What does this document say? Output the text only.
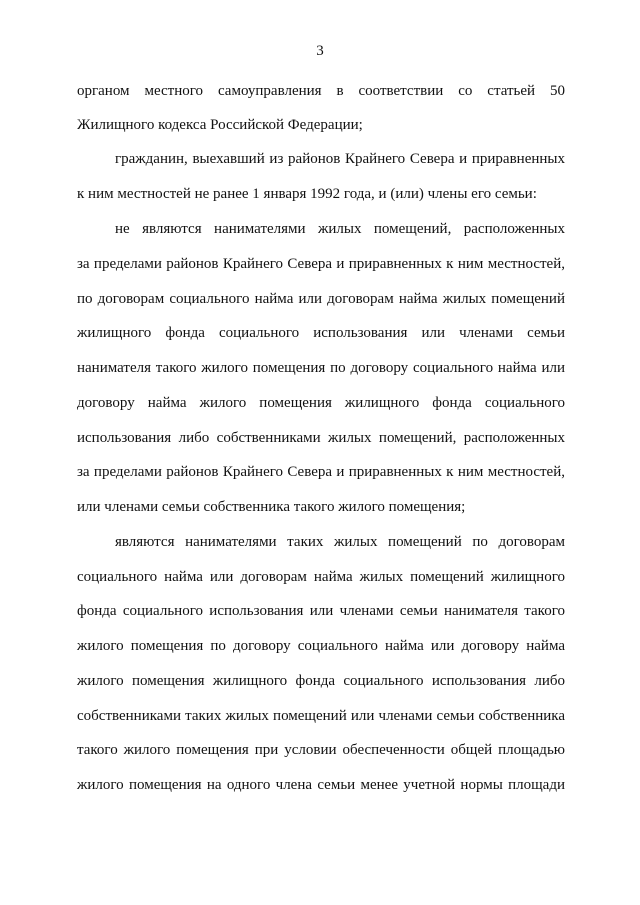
3
органом местного самоуправления в соответствии со статьей 50
Жилищного кодекса Российской Федерации;
гражданин, выехавший из районов Крайнего Севера и приравненных
к ним местностей не ранее 1 января 1992 года, и (или) члены его семьи:
не являются нанимателями жилых помещений, расположенных
за пределами районов Крайнего Севера и приравненных к ним местностей,
по договорам социального найма или договорам найма жилых помещений
жилищного фонда социального использования или членами семьи
нанимателя такого жилого помещения по договору социального найма или
договору найма жилого помещения жилищного фонда социального
использования либо собственниками жилых помещений, расположенных
за пределами районов Крайнего Севера и приравненных к ним местностей,
или членами семьи собственника такого жилого помещения;
являются нанимателями таких жилых помещений по договорам
социального найма или договорам найма жилых помещений жилищного
фонда социального использования или членами семьи нанимателя такого
жилого помещения по договору социального найма или договору найма
жилого помещения жилищного фонда социального использования либо
собственниками таких жилых помещений или членами семьи собственника
такого жилого помещения при условии обеспеченности общей площадью
жилого помещения на одного члена семьи менее учетной нормы площади
